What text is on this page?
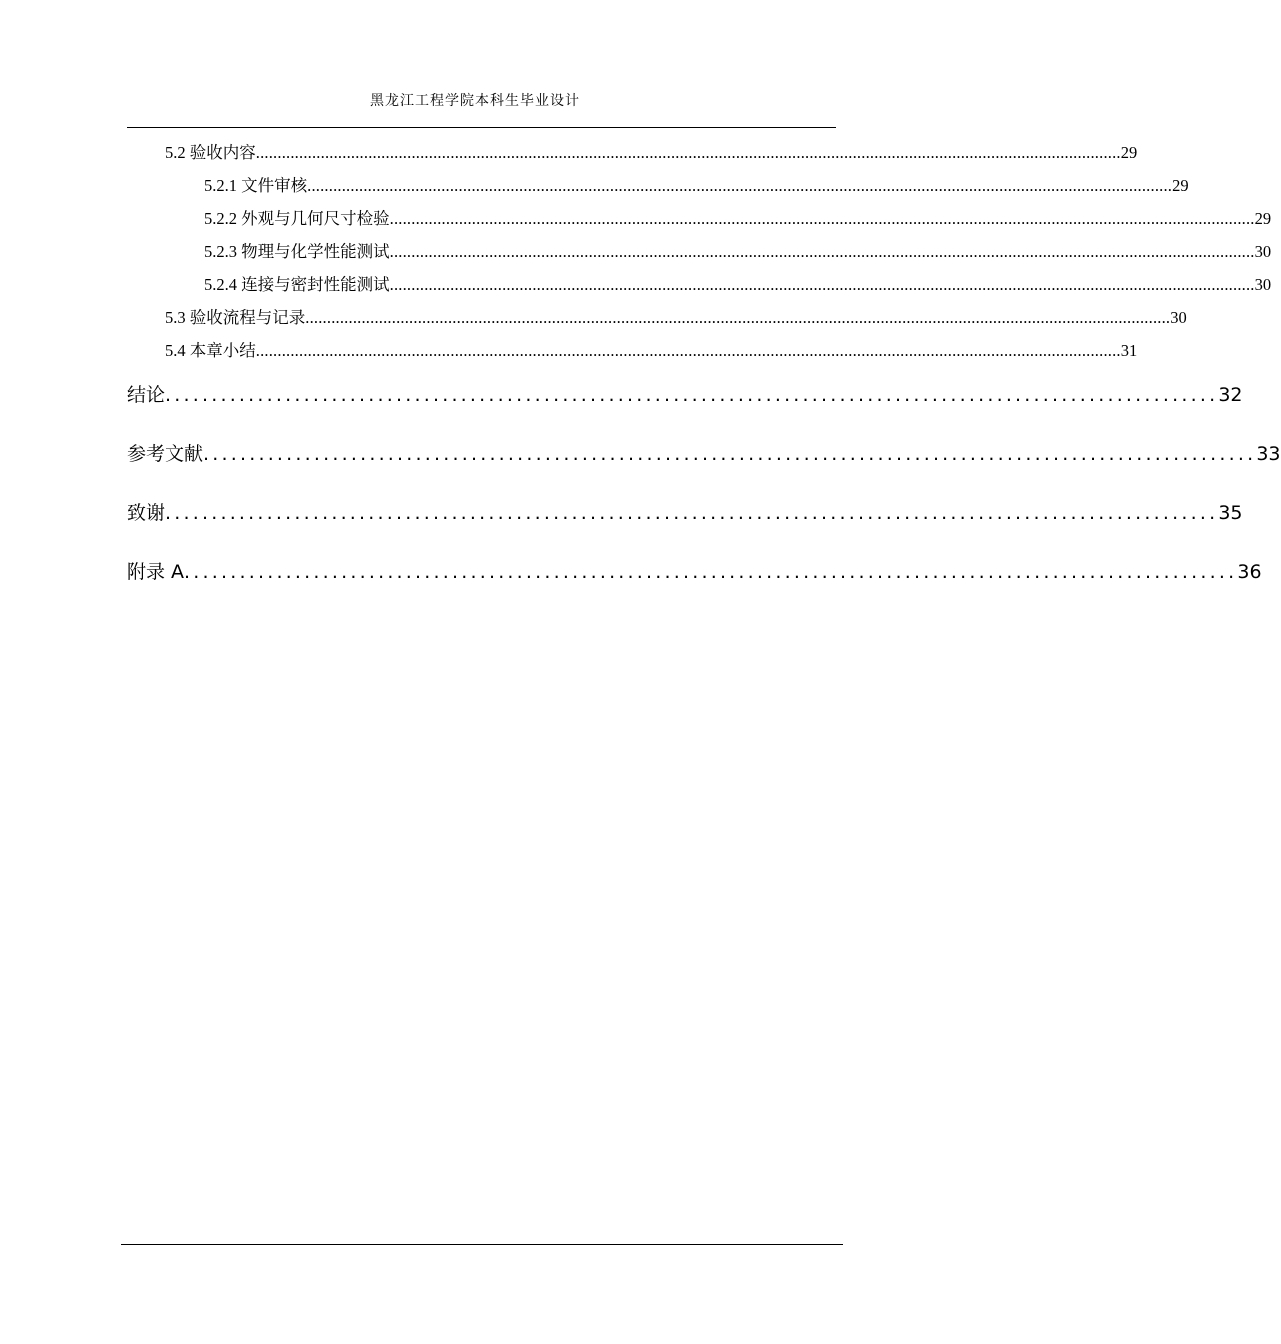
黑龙江工程学院本科生毕业设计
5.2 验收内容 ........................................................................................................................................................................................................ 29
5.2.1 文件审核 ........................................................................................................................................................................................................ 29
5.2.2 外观与几何尺寸检验 ........................................................................................................................................................................................................ 29
5.2.3 物理与化学性能测试 ........................................................................................................................................................................................................ 30
5.2.4 连接与密封性能测试 ........................................................................................................................................................................................................ 30
5.3 验收流程与记录 ........................................................................................................................................................................................................ 30
5.4 本章小结 ........................................................................................................................................................................................................ 31
结论 .................................................................................................................. 32
参考文献 .................................................................................................................. 33
致谢 .................................................................................................................. 35
附录 A .................................................................................................................. 36
